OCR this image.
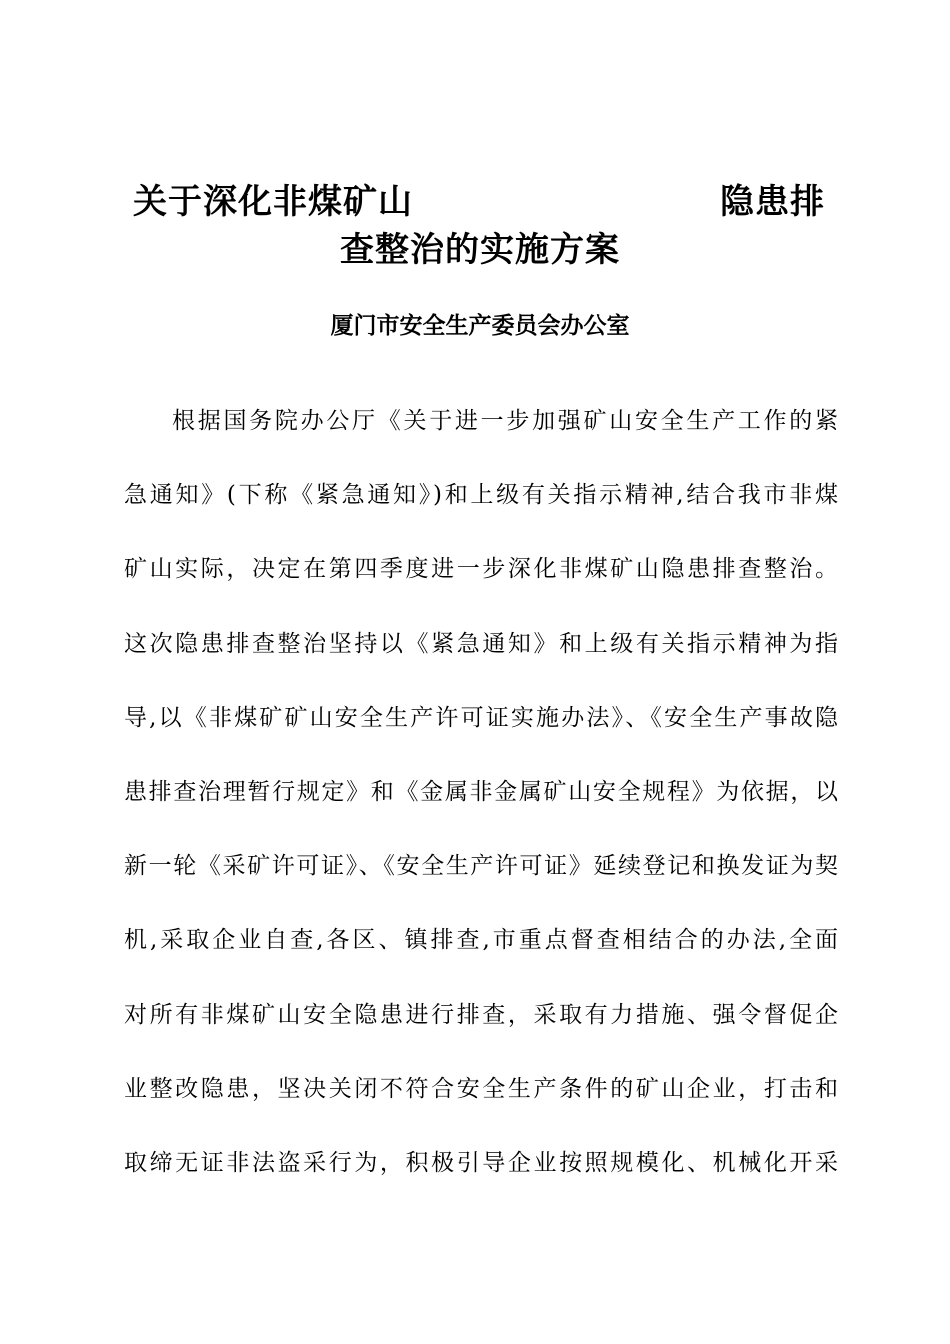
关于深化非煤矿山	隐患排
查整治的实施方案
厦门市安全生产委员会办公室
根据国务院办公厅《关于进一步加强矿山安全生产工作的紧
急通知》(下称《紧急通知》)和上级有关指示精神,结合我市非煤
矿山实际，决定在第四季度进一步深化非煤矿山隐患排查整治。
这次隐患排查整治坚持以《紧急通知》和上级有关指示精神为指
导,以《非煤矿矿山安全生产许可证实施办法》、《安全生产事故隐
患排查治理暂行规定》和《金属非金属矿山安全规程》为依据，以
新一轮《采矿许可证》、《安全生产许可证》延续登记和换发证为契
机,采取企业自查,各区、镇排查,市重点督查相结合的办法,全面
对所有非煤矿山安全隐患进行排查，采取有力措施、强令督促企
业整改隐患，坚决关闭不符合安全生产条件的矿山企业，打击和
取缔无证非法盗采行为，积极引导企业按照规模化、机械化开采
